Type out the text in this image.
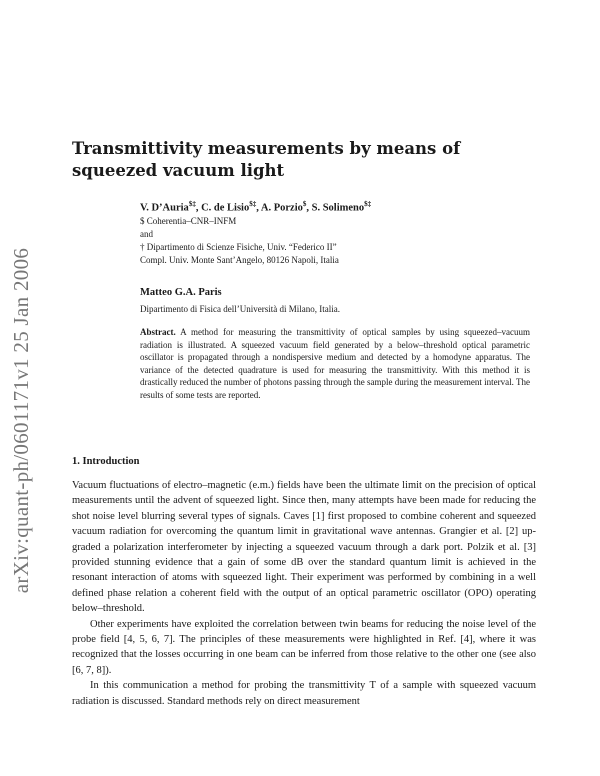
arXiv:quant-ph/0601171v1 25 Jan 2006
Transmittivity measurements by means of squeezed vacuum light
V. D’Auria$‡, C. de Lisio$‡, A. Porzio$, S. Solimeno$‡
$ Coherentia–CNR–INFM
and
† Dipartimento di Scienze Fisiche, Univ. “Federico II”
Compl. Univ. Monte Sant’Angelo, 80126 Napoli, Italia
Matteo G.A. Paris
Dipartimento di Fisica dell’Università di Milano, Italia.
Abstract. A method for measuring the transmittivity of optical samples by using squeezed–vacuum radiation is illustrated. A squeezed vacuum field generated by a below–threshold optical parametric oscillator is propagated through a nondispersive medium and detected by a homodyne apparatus. The variance of the detected quadrature is used for measuring the transmittivity. With this method it is drastically reduced the number of photons passing through the sample during the measurement interval. The results of some tests are reported.
1. Introduction

Vacuum fluctuations of electro–magnetic (e.m.) fields have been the ultimate limit on the precision of optical measurements until the advent of squeezed light. Since then, many attempts have been made for reducing the shot noise level blurring several types of signals. Caves [1] first proposed to combine coherent and squeezed vacuum radiation for overcoming the quantum limit in gravitational wave antennas. Grangier et al. [2] up-graded a polarization interferometer by injecting a squeezed vacuum through a dark port. Polzik et al. [3] provided stunning evidence that a gain of some dB over the standard quantum limit is achieved in the resonant interaction of atoms with squeezed light. Their experiment was performed by combining in a well defined phase relation a coherent field with the output of an optical parametric oscillator (OPO) operating below–threshold.

Other experiments have exploited the correlation between twin beams for reducing the noise level of the probe field [4, 5, 6, 7]. The principles of these measurements were highlighted in Ref. [4], where it was recognized that the losses occurring in one beam can be inferred from those relative to the other one (see also [6, 7, 8]).

In this communication a method for probing the transmittivity T of a sample with squeezed vacuum radiation is discussed. Standard methods rely on direct measurement
